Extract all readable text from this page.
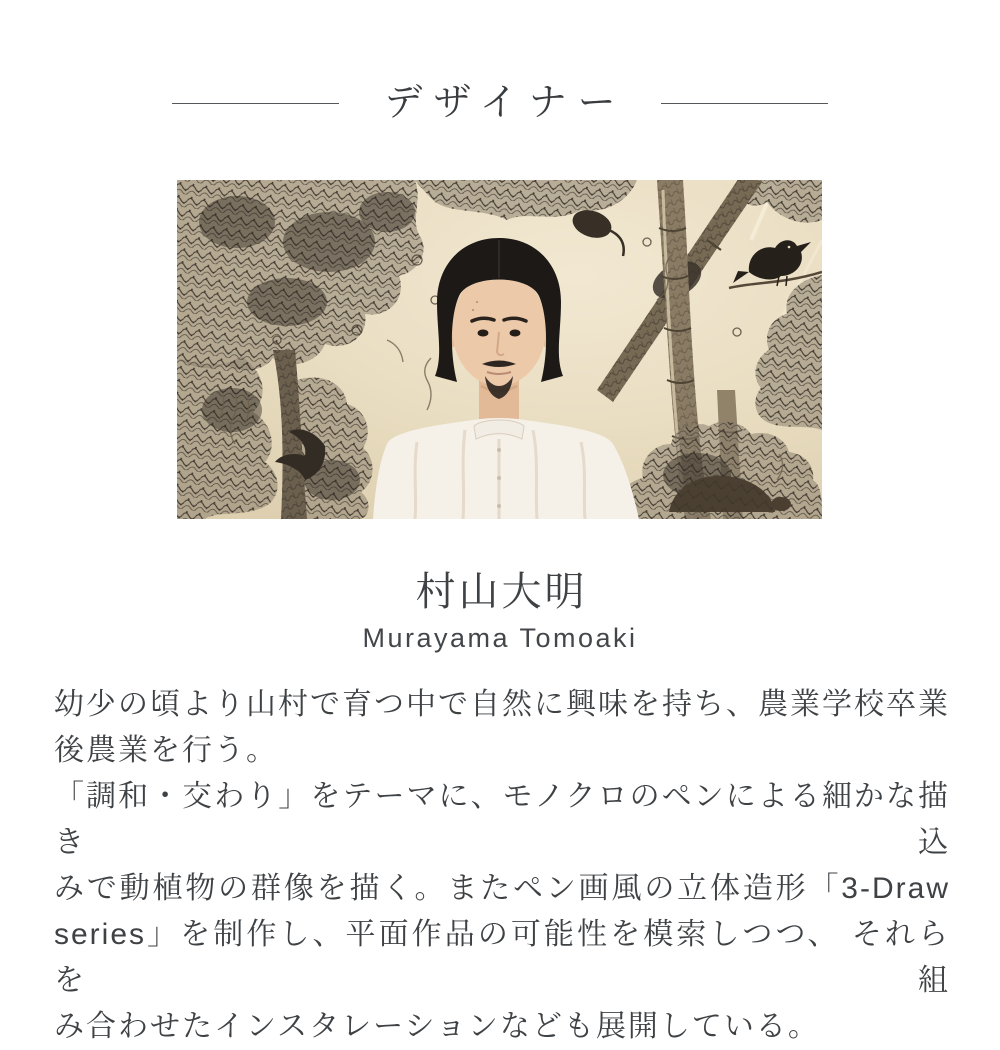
デザイナー
村山大明
Murayama Tomoaki
幼少の頃より山村で育つ中で自然に興味を持ち、農業学校卒業
後農業を行う。
「調和・交わり」をテーマに、モノクロのペンによる細かな描き込
みで動植物の群像を描く。またペン画風の立体造形「3-Draw
series」を制作し、平面作品の可能性を模索しつつ、 それらを組
み合わせたインスタレーションなども展開している。
